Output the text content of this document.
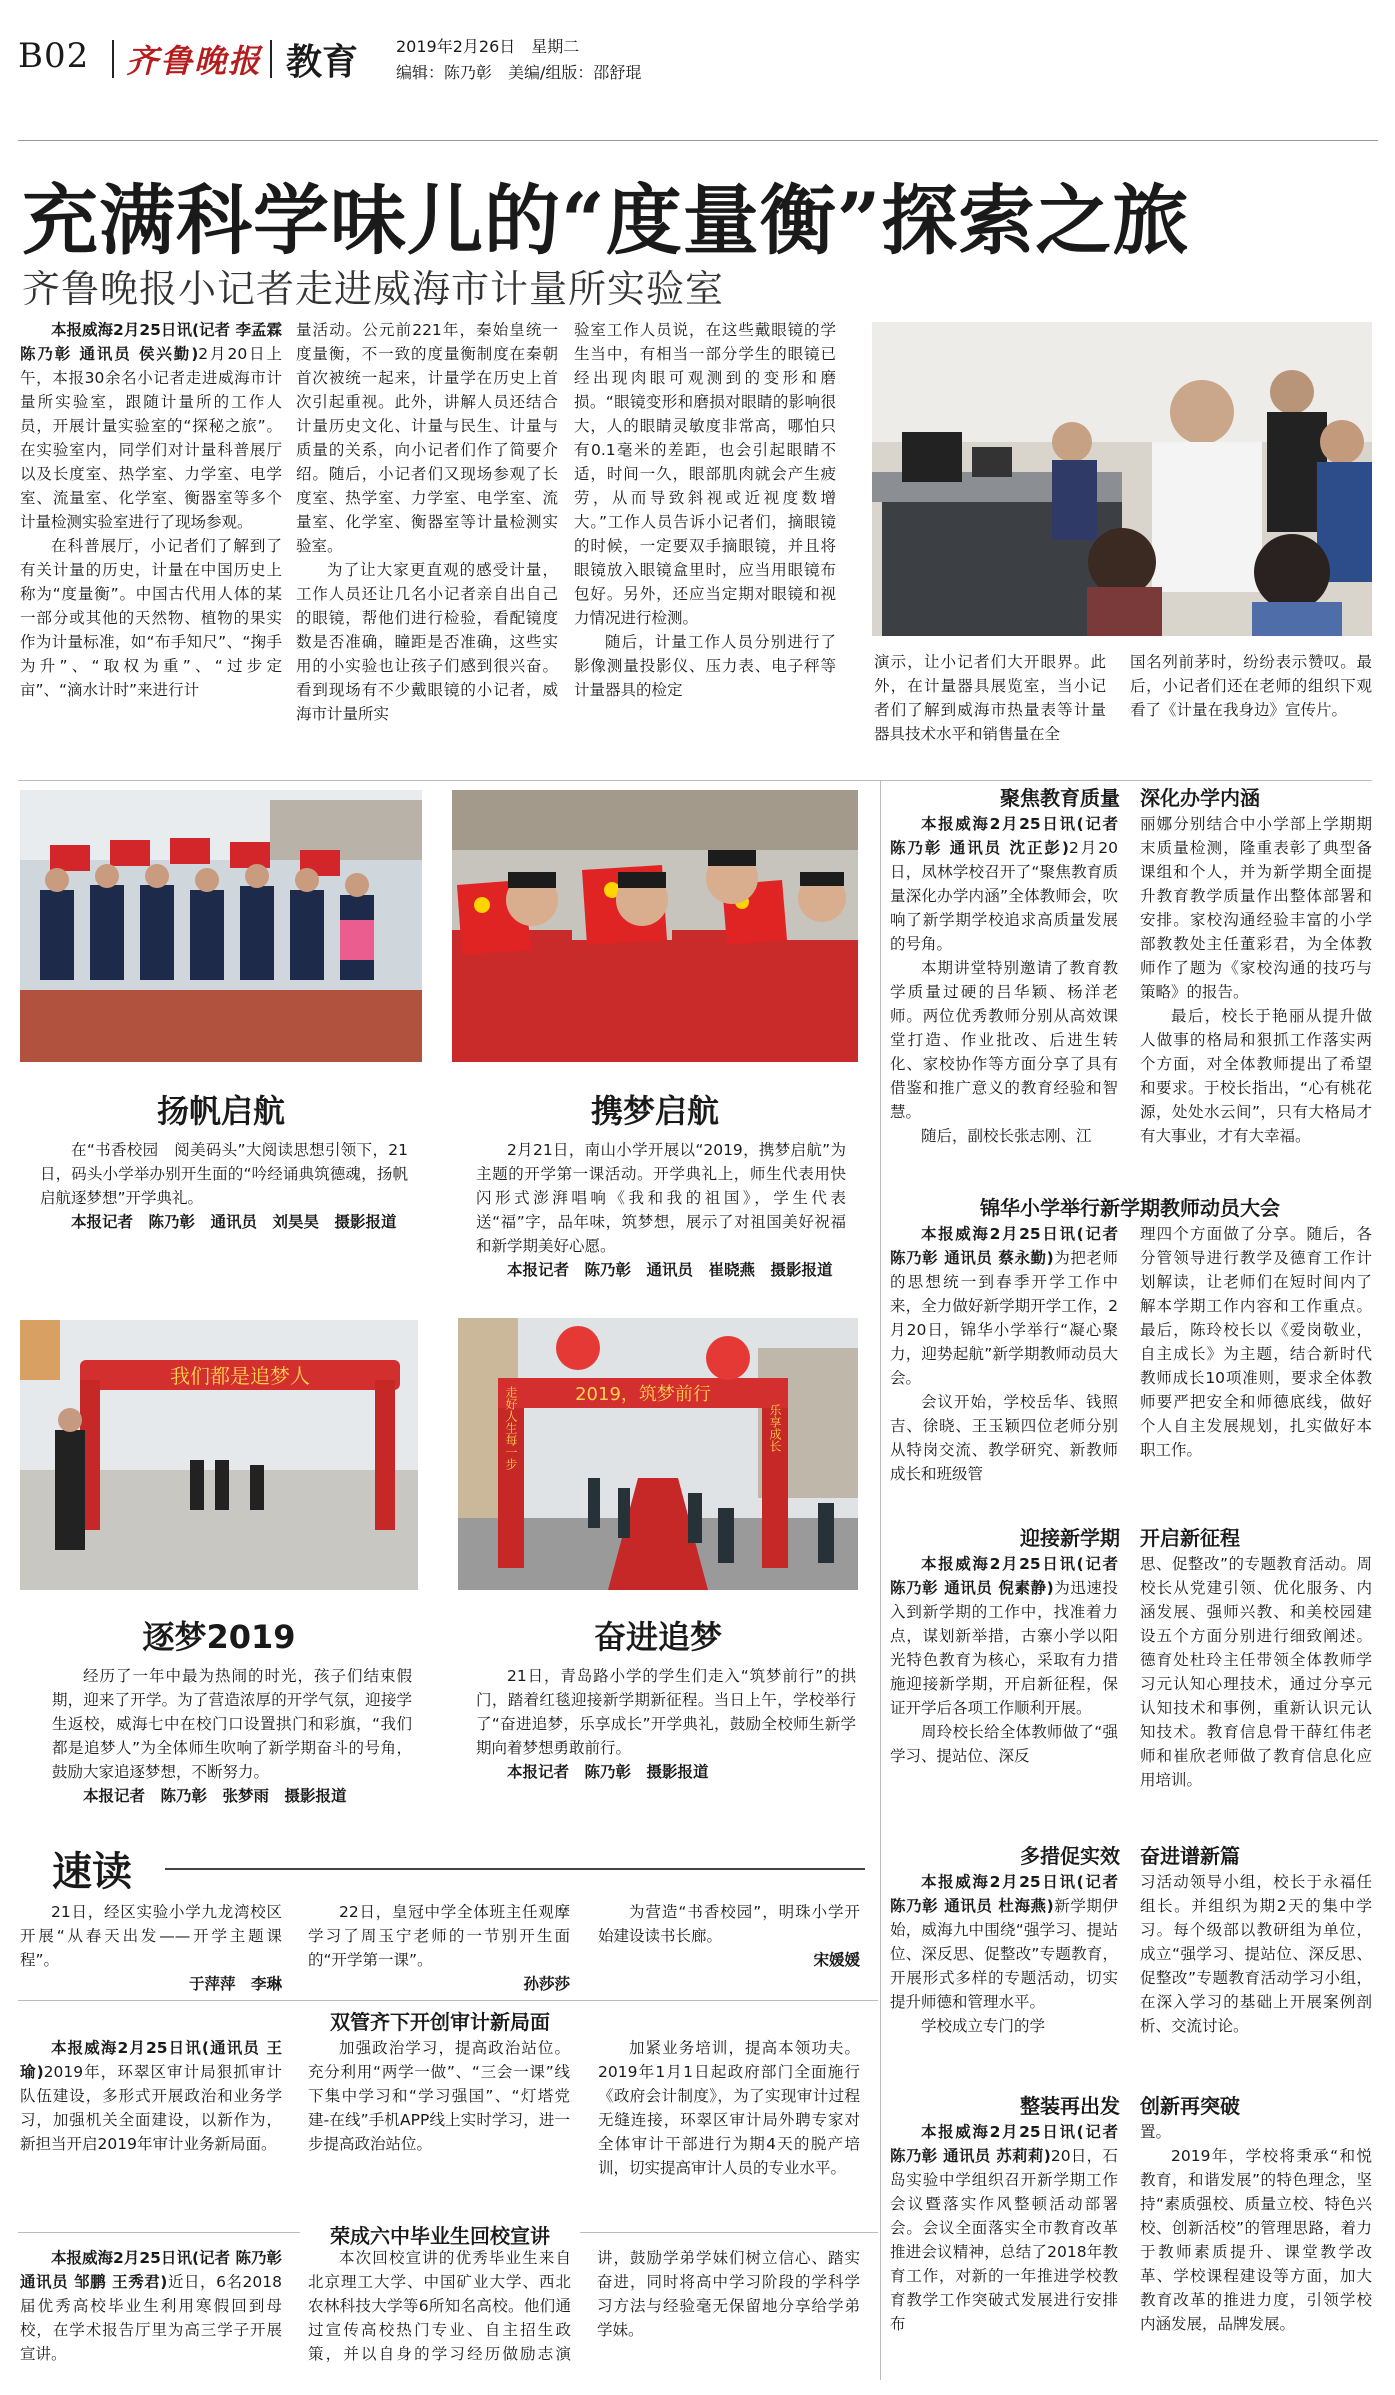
B02 齐鲁晚报 教育 2019年2月26日　星期二
编辑：陈乃彰　美编/组版：邵舒琨
充满科学味儿的“度量衡”探索之旅
齐鲁晚报小记者走进威海市计量所实验室

本报威海2月25日讯(记者 李孟霖 陈乃彰 通讯员 侯兴勤)2月20日上午，本报30余名小记者走进威海市计量所实验室，跟随计量所的工作人员，开展计量实验室的“探秘之旅”。在实验室内，同学们对计量科普展厅以及长度室、热学室、力学室、电学室、流量室、化学室、衡器室等多个计量检测实验室进行了现场参观。

在科普展厅，小记者们了解到了有关计量的历史，计量在中国历史上称为“度量衡”。中国古代用人体的某一部分或其他的天然物、植物的果实作为计量标准，如“布手知尺”、“掬手为升”、“取权为重”、“过步定亩”、“滴水计时”来进行计

量活动。公元前221年，秦始皇统一度量衡，不一致的度量衡制度在秦朝首次被统一起来，计量学在历史上首次引起重视。此外，讲解人员还结合计量历史文化、计量与民生、计量与质量的关系，向小记者们作了简要介绍。随后，小记者们又现场参观了长度室、热学室、力学室、电学室、流量室、化学室、衡器室等计量检测实验室。

为了让大家更直观的感受计量，工作人员还让几名小记者亲自出自己的眼镜，帮他们进行检验，看配镜度数是否准确，瞳距是否准确，这些实用的小实验也让孩子们感到很兴奋。看到现场有不少戴眼镜的小记者，威海市计量所实

验室工作人员说，在这些戴眼镜的学生当中，有相当一部分学生的眼镜已经出现肉眼可观测到的变形和磨损。“眼镜变形和磨损对眼睛的影响很大，人的眼睛灵敏度非常高，哪怕只有0.1毫米的差距，也会引起眼睛不适，时间一久，眼部肌肉就会产生疲劳，从而导致斜视或近视度数增大。”工作人员告诉小记者们，摘眼镜的时候，一定要双手摘眼镜，并且将眼镜放入眼镜盒里时，应当用眼镜布包好。另外，还应当定期对眼镜和视力情况进行检测。

随后，计量工作人员分别进行了影像测量投影仪、压力表、电子秤等计量器具的检定

演示，让小记者们大开眼界。此外，在计量器具展览室，当小记者们了解到威海市热量表等计量器具技术水平和销售量在全

国名列前茅时，纷纷表示赞叹。最后，小记者们还在老师的组织下观看了《计量在我身边》宣传片。

扬帆启航

在“书香校园　阅美码头”大阅读思想引领下，21日，码头小学举办别开生面的“吟经诵典筑德魂，扬帆启航逐梦想”开学典礼。

本报记者　陈乃彰　通讯员　刘昊昊　摄影报道

携梦启航

2月21日，南山小学开展以“2019，携梦启航”为主题的开学第一课活动。开学典礼上，师生代表用快闪形式澎湃唱响《我和我的祖国》，学生代表送“福”字，品年味，筑梦想，展示了对祖国美好祝福和新学期美好心愿。

本报记者　陈乃彰　通讯员　崔晓燕　摄影报道

我们都是追梦人
逐梦2019

经历了一年中最为热闹的时光，孩子们结束假期，迎来了开学。为了营造浓厚的开学气氛，迎接学生返校，威海七中在校门口设置拱门和彩旗，“我们都是追梦人”为全体师生吹响了新学期奋斗的号角，鼓励大家追逐梦想，不断努力。

本报记者　陈乃彰　张梦雨　摄影报道

2019，筑梦前行
走好人生每一步	乐享成长
奋进追梦

21日，青岛路小学的学生们走入“筑梦前行”的拱门，踏着红毯迎接新学期新征程。当日上午，学校举行了“奋进追梦，乐享成长”开学典礼，鼓励全校师生新学期向着梦想勇敢前行。

本报记者　陈乃彰　摄影报道

聚焦教育质量　深化办学内涵

本报威海2月25日讯(记者 陈乃彰 通讯员 沈正彭)2月20日，凤林学校召开了“聚焦教育质量深化办学内涵”全体教师会，吹响了新学期学校追求高质量发展的号角。

本期讲堂特别邀请了教育教学质量过硬的吕华颖、杨洋老师。两位优秀教师分别从高效课堂打造、作业批改、后进生转化、家校协作等方面分享了具有借鉴和推广意义的教育经验和智慧。

随后，副校长张志刚、江

丽娜分别结合中小学部上学期期末质量检测，隆重表彰了典型备课组和个人，并为新学期全面提升教育教学质量作出整体部署和安排。家校沟通经验丰富的小学部教教处主任董彩君，为全体教师作了题为《家校沟通的技巧与策略》的报告。

最后，校长于艳丽从提升做人做事的格局和狠抓工作落实两个方面，对全体教师提出了希望和要求。于校长指出，“心有桃花源，处处水云间”，只有大格局才有大事业，才有大幸福。

锦华小学举行新学期教师动员大会

本报威海2月25日讯(记者 陈乃彰 通讯员 蔡永勤)为把老师的思想统一到春季开学工作中来，全力做好新学期开学工作，2月20日，锦华小学举行“凝心聚力，迎势起航”新学期教师动员大会。

会议开始，学校岳华、钱照吉、徐晓、王玉颖四位老师分别从特岗交流、教学研究、新教师成长和班级管

理四个方面做了分享。随后，各分管领导进行教学及德育工作计划解读，让老师们在短时间内了解本学期工作内容和工作重点。最后，陈玲校长以《爱岗敬业，自主成长》为主题，结合新时代教师成长10项准则，要求全体教师要严把安全和师德底线，做好个人自主发展规划，扎实做好本职工作。

迎接新学期　开启新征程

本报威海2月25日讯(记者 陈乃彰 通讯员 倪素静)为迅速投入到新学期的工作中，找准着力点，谋划新举措，古寨小学以阳光特色教育为核心，采取有力措施迎接新学期，开启新征程，保证开学后各项工作顺利开展。

周玲校长给全体教师做了“强学习、提站位、深反

思、促整改”的专题教育活动。周校长从党建引领、优化服务、内涵发展、强师兴教、和美校园建设五个方面分别进行细致阐述。德育处杜玲主任带领全体教师学习元认知心理技术，通过分享元认知技术和事例，重新认识元认知技术。教育信息骨干薛红伟老师和崔欣老师做了教育信息化应用培训。

多措促实效　奋进谱新篇

本报威海2月25日讯(记者 陈乃彰 通讯员 杜海燕)新学期伊始，威海九中围绕“强学习、提站位、深反思、促整改”专题教育，开展形式多样的专题活动，切实提升师德和管理水平。

学校成立专门的学

习活动领导小组，校长于永福任组长。并组织为期2天的集中学习。每个级部以教研组为单位，成立“强学习、提站位、深反思、促整改”专题教育活动学习小组，在深入学习的基础上开展案例剖析、交流讨论。

整装再出发　创新再突破

本报威海2月25日讯(记者 陈乃彰 通讯员 苏莉莉)20日，石岛实验中学组织召开新学期工作会议暨落实作风整顿活动部署会。会议全面落实全市教育改革推进会议精神，总结了2018年教育工作，对新的一年推进学校教育教学工作突破式发展进行安排布

置。

2019年，学校将秉承“和悦教育，和谐发展”的特色理念，坚持“素质强校、质量立校、特色兴校、创新活校”的管理思路，着力于教师素质提升、课堂教学改革、学校课程建设等方面，加大教育改革的推进力度，引领学校内涵发展，品牌发展。

速读

21日，经区实验小学九龙湾校区开展“从春天出发——开学主题课程”。

于萍萍　李琳

22日，皇冠中学全体班主任观摩学习了周玉宁老师的一节别开生面的“开学第一课”。

孙莎莎

为营造“书香校园”，明珠小学开始建设读书长廊。

宋媛媛

双管齐下开创审计新局面

本报威海2月25日讯(通讯员 王瑜)2019年，环翠区审计局狠抓审计队伍建设，多形式开展政治和业务学习，加强机关全面建设，以新作为，新担当开启2019年审计业务新局面。

加强政治学习，提高政治站位。充分利用“两学一做”、“三会一课”线下集中学习和“学习强国”、“灯塔党建-在线”手机APP线上实时学习，进一步提高政治站位。

加紧业务培训，提高本领功夫。2019年1月1日起政府部门全面施行《政府会计制度》，为了实现审计过程无缝连接，环翠区审计局外聘专家对全体审计干部进行为期4天的脱产培训，切实提高审计人员的专业水平。

荣成六中毕业生回校宣讲

本报威海2月25日讯(记者 陈乃彰 通讯员 邹鹏 王秀君)近日，6名2018届优秀高校毕业生利用寒假回到母校，在学术报告厅里为高三学子开展宣讲。

本次回校宣讲的优秀毕业生来自北京理工大学、中国矿业大学、西北农林科技大学等6所知名高校。他们通过宣传高校热门专业、自主招生政策，并以自身的学习经历做励志演讲，鼓励学弟学妹们树立信心、踏实奋进，同时将高中学习阶段的学科学习方法与经验毫无保留地分享给学弟学妹。
